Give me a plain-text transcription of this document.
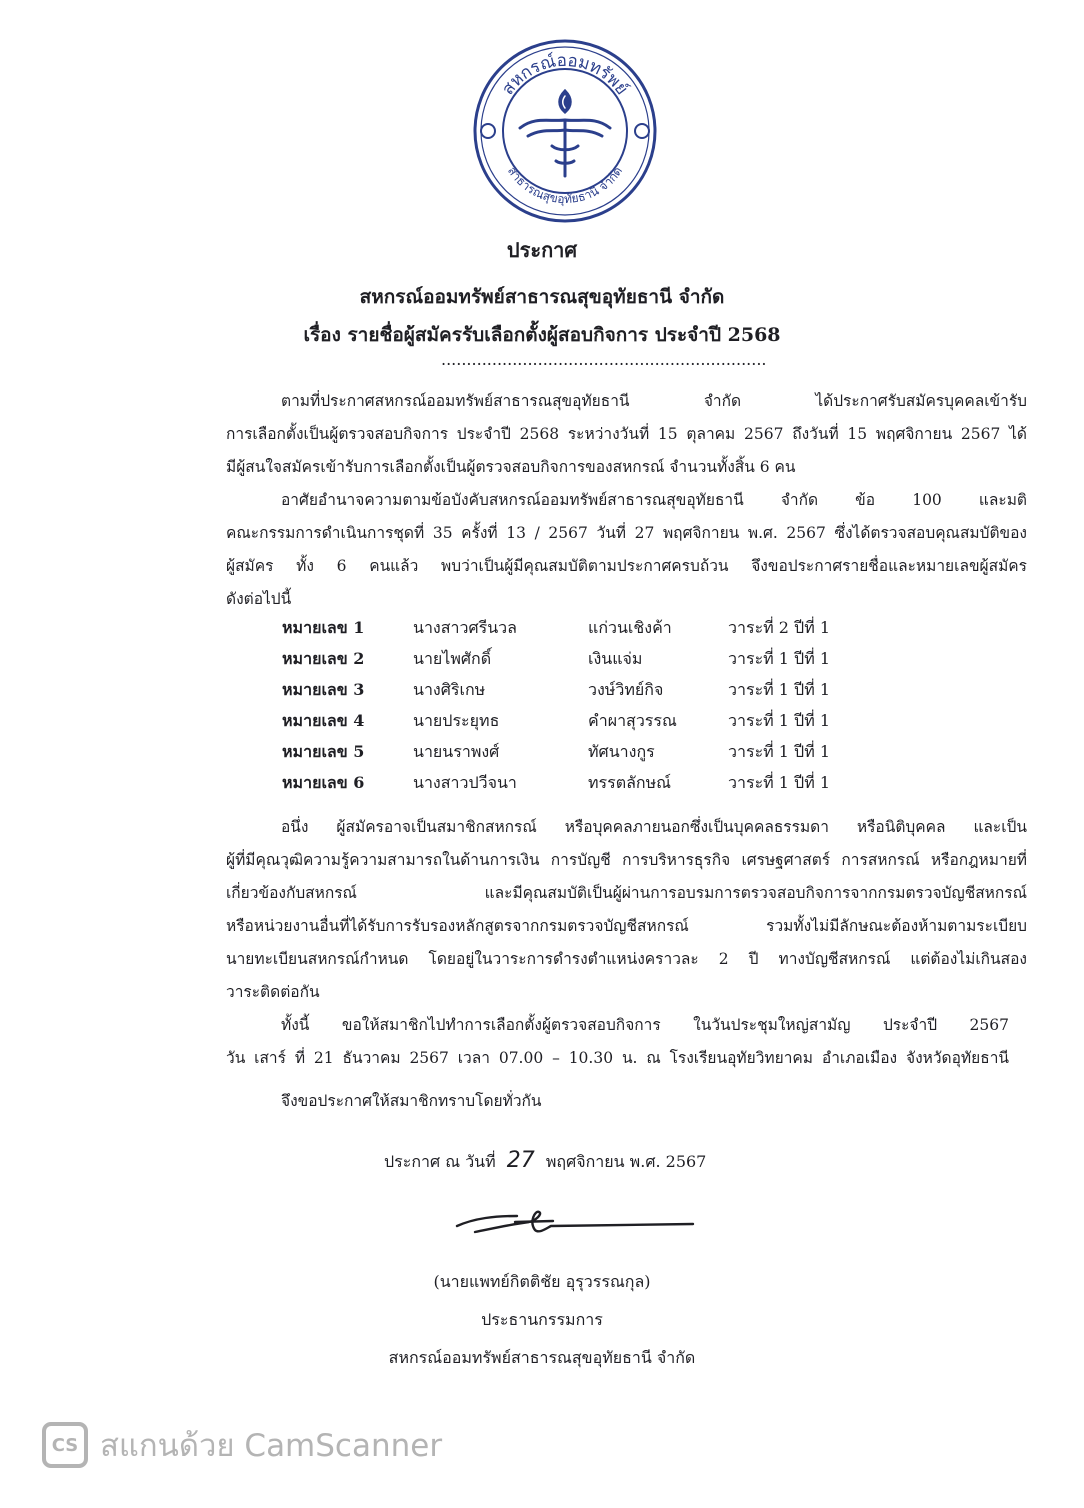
สหกรณ์ออมทรัพย์
สาธารณสุขอุทัยธานี จำกัด
ประกาศ
สหกรณ์ออมทรัพย์สาธารณสุขอุทัยธานี จำกัด
เรื่อง รายชื่อผู้สมัครรับเลือกตั้งผู้สอบกิจการ ประจำปี 2568
................................................................
ตามที่ประกาศสหกรณ์ออมทรัพย์สาธารณสุขอุทัยธานี จำกัด ได้ประกาศรับสมัครบุคคลเข้ารับ
การเลือกตั้งเป็นผู้ตรวจสอบกิจการ ประจำปี 2568 ระหว่างวันที่ 15 ตุลาคม 2567 ถึงวันที่ 15 พฤศจิกายน 2567 ได้
มีผู้สนใจสมัครเข้ารับการเลือกตั้งเป็นผู้ตรวจสอบกิจการของสหกรณ์ จำนวนทั้งสิ้น 6 คน
อาศัยอำนาจความตามข้อบังคับสหกรณ์ออมทรัพย์สาธารณสุขอุทัยธานี จำกัด ข้อ 100 และมติ
คณะกรรมการดำเนินการชุดที่ 35 ครั้งที่ 13 / 2567 วันที่ 27 พฤศจิกายน พ.ศ. 2567 ซึ่งได้ตรวจสอบคุณสมบัติของ
ผู้สมัคร ทั้ง 6 คนแล้ว พบว่าเป็นผู้มีคุณสมบัติตามประกาศครบถ้วน จึงขอประกาศรายชื่อและหมายเลขผู้สมัคร
ดังต่อไปนี้
หมายเลข 1	นางสาวศรีนวล	แก่วนเชิงค้า	วาระที่ 2 ปีที่ 1
หมายเลข 2	นายไพศักดิ์	เงินแจ่ม	วาระที่ 1 ปีที่ 1
หมายเลข 3	นางศิริเกษ	วงษ์วิทย์กิจ	วาระที่ 1 ปีที่ 1
หมายเลข 4	นายประยุทธ	คำผาสุวรรณ	วาระที่ 1 ปีที่ 1
หมายเลข 5	นายนราพงศ์	ทัศนางกูร	วาระที่ 1 ปีที่ 1
หมายเลข 6	นางสาวปวีจนา	ทรรตลักษณ์	วาระที่ 1 ปีที่ 1
อนึ่ง ผู้สมัครอาจเป็นสมาชิกสหกรณ์ หรือบุคคลภายนอกซึ่งเป็นบุคคลธรรมดา หรือนิติบุคคล และเป็น
ผู้ที่มีคุณวุฒิความรู้ความสามารถในด้านการเงิน การบัญชี การบริหารธุรกิจ เศรษฐศาสตร์ การสหกรณ์ หรือกฎหมายที่
เกี่ยวข้องกับสหกรณ์ และมีคุณสมบัติเป็นผู้ผ่านการอบรมการตรวจสอบกิจการจากกรมตรวจบัญชีสหกรณ์
หรือหน่วยงานอื่นที่ได้รับการรับรองหลักสูตรจากกรมตรวจบัญชีสหกรณ์ รวมทั้งไม่มีลักษณะต้องห้ามตามระเบียบ
นายทะเบียนสหกรณ์กำหนด โดยอยู่ในวาระการดำรงตำแหน่งคราวละ 2 ปี ทางบัญชีสหกรณ์ แต่ต้องไม่เกินสอง
วาระติดต่อกัน
ทั้งนี้ ขอให้สมาชิกไปทำการเลือกตั้งผู้ตรวจสอบกิจการ ในวันประชุมใหญ่สามัญ ประจำปี 2567
วัน เสาร์ ที่ 21 ธันวาคม 2567 เวลา 07.00 – 10.30 น. ณ โรงเรียนอุทัยวิทยาคม อำเภอเมือง จังหวัดอุทัยธานี
จึงขอประกาศให้สมาชิกทราบโดยทั่วกัน
ประกาศ ณ วันที่ 27 พฤศจิกายน พ.ศ. 2567
(นายแพทย์กิตติชัย อุรุวรรณกุล)
ประธานกรรมการ
สหกรณ์ออมทรัพย์สาธารณสุขอุทัยธานี จำกัด
CS สแกนด้วย CamScanner
